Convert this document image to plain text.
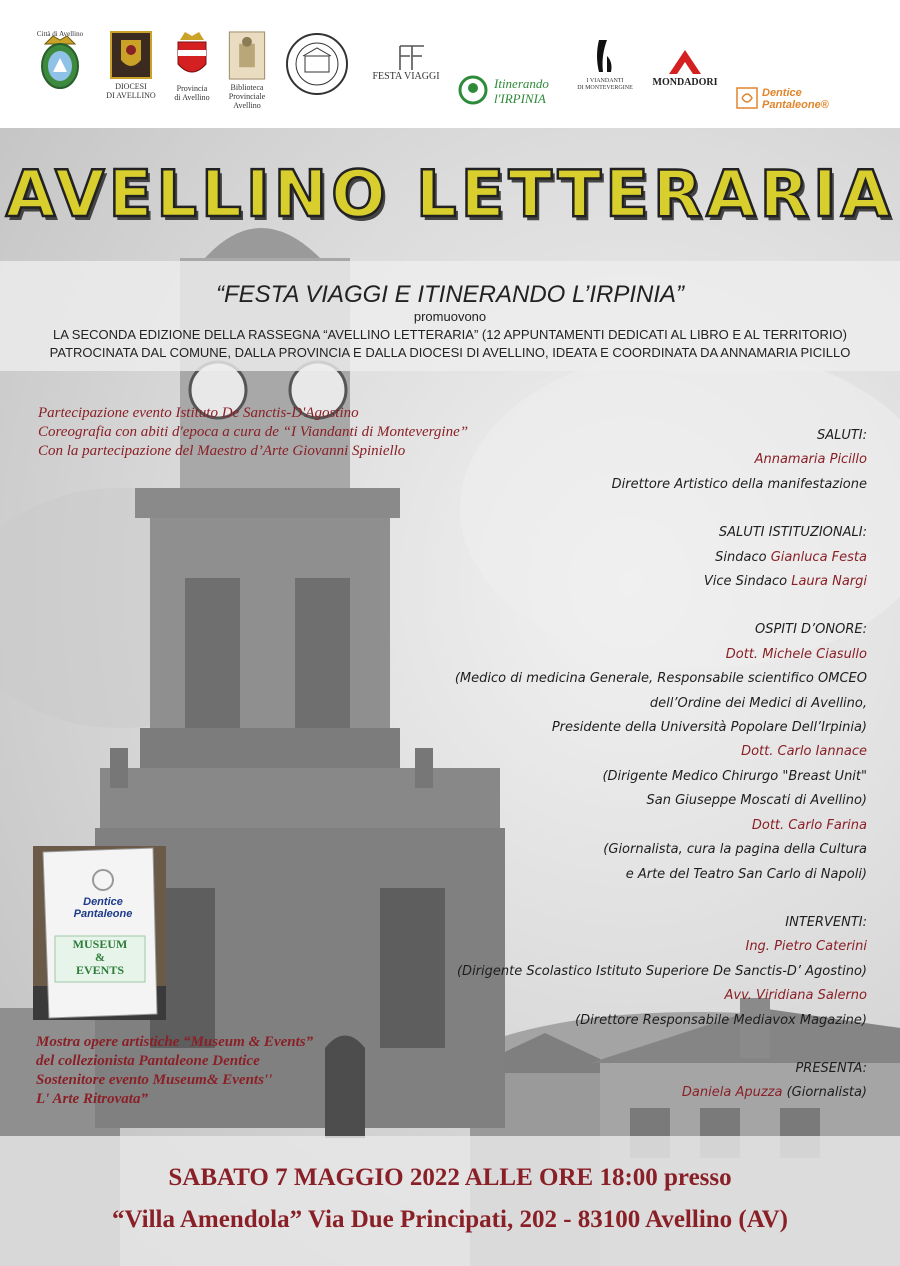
Città di Avellino
DIOCESI
DI AVELLINO
Provincia
di Avellino
Biblioteca
Provinciale
Avellino
FESTA VIAGGI	Itinerando
l'IRPINIA
I VIANDANTI
DI MONTEVERGINE MONDADORI
Dentice
Pantaleone®
AVELLINO LETTERARIA
“FESTA VIAGGI E ITINERANDO L’IRPINIA”
promuovono
LA SECONDA EDIZIONE DELLA RASSEGNA “AVELLINO LETTERARIA” (12 APPUNTAMENTI DEDICATI AL LIBRO E AL TERRITORIO)
PATROCINATA DAL COMUNE, DALLA PROVINCIA E DALLA DIOCESI DI AVELLINO, IDEATA E COORDINATA DA ANNAMARIA PICILLO
Partecipazione evento Istituto De Sanctis-D'Agostino
Coreografia con abiti d'epoca a cura de “I Viandanti di Montevergine”
Con la partecipazione del Maestro d’Arte Giovanni Spiniello
SALUTI:
Annamaria Picillo
Direttore Artistico della manifestazione
SALUTI ISTITUZIONALI:
Sindaco Gianluca Festa
Vice Sindaco Laura Nargi
OSPITI D’ONORE:
Dott. Michele Ciasullo
(Medico di medicina Generale, Responsabile scientifico OMCEO
dell’Ordine dei Medici di Avellino,
Presidente della Università Popolare Dell’Irpinia)
Dott. Carlo Iannace
(Dirigente Medico Chirurgo "Breast Unit"
San Giuseppe Moscati di Avellino)
Dott. Carlo Farina
(Giornalista, cura la pagina della Cultura
e Arte del Teatro San Carlo di Napoli)
INTERVENTI:
Ing. Pietro Caterini
(Dirigente Scolastico Istituto Superiore De Sanctis-D’ Agostino)
Avv. Viridiana Salerno
(Direttore Responsabile Mediavox Magazine)
PRESENTA:
Daniela Apuzza (Giornalista)
Dentice
Pantaleone
MUSEUM
&
EVENTS
Mostra opere artistiche “Museum & Events”
del collezionista Pantaleone Dentice
Sostenitore evento Museum& Events''
L' Arte Ritrovata”
SABATO 7 MAGGIO 2022 ALLE ORE 18:00 presso
“Villa Amendola” Via Due Principati, 202 - 83100 Avellino (AV)
